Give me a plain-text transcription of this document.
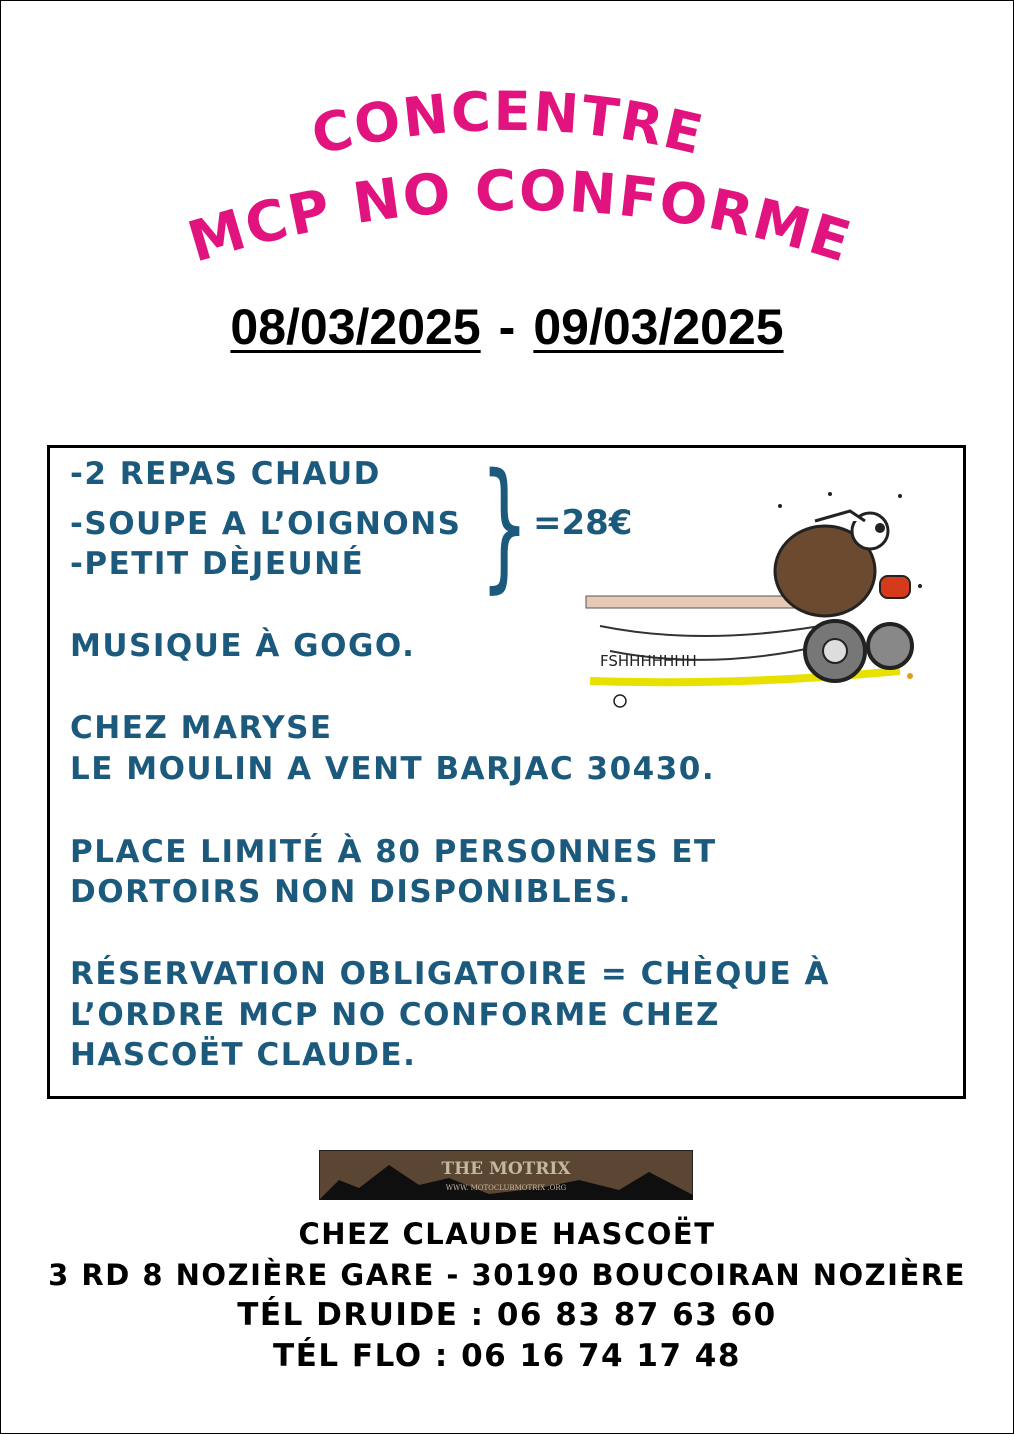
CONCENTRE
MCP NO CONFORME
08/03/2025 - 09/03/2025
-2 REPAS CHAUD
-SOUPE A L’OIGNONS
-PETIT DÈJEUNÉ } =28€
FSHHHHHHH
MUSIQUE À GOGO.
CHEZ MARYSE
LE MOULIN A VENT BARJAC 30430.
PLACE LIMITÉ À 80 PERSONNES ET
DORTOIRS NON DISPONIBLES.
RÉSERVATION OBLIGATOIRE = CHÈQUE À
L’ORDRE MCP NO CONFORME CHEZ
HASCOËT CLAUDE.
THE MOTRIX
WWW. MOTOCLUBMOTRIX .ORG
CHEZ CLAUDE HASCOËT
3 RD 8 NOZIÈRE GARE - 30190 BOUCOIRAN NOZIÈRE
TÉL DRUIDE : 06 83 87 63 60
TÉL FLO : 06 16 74 17 48
